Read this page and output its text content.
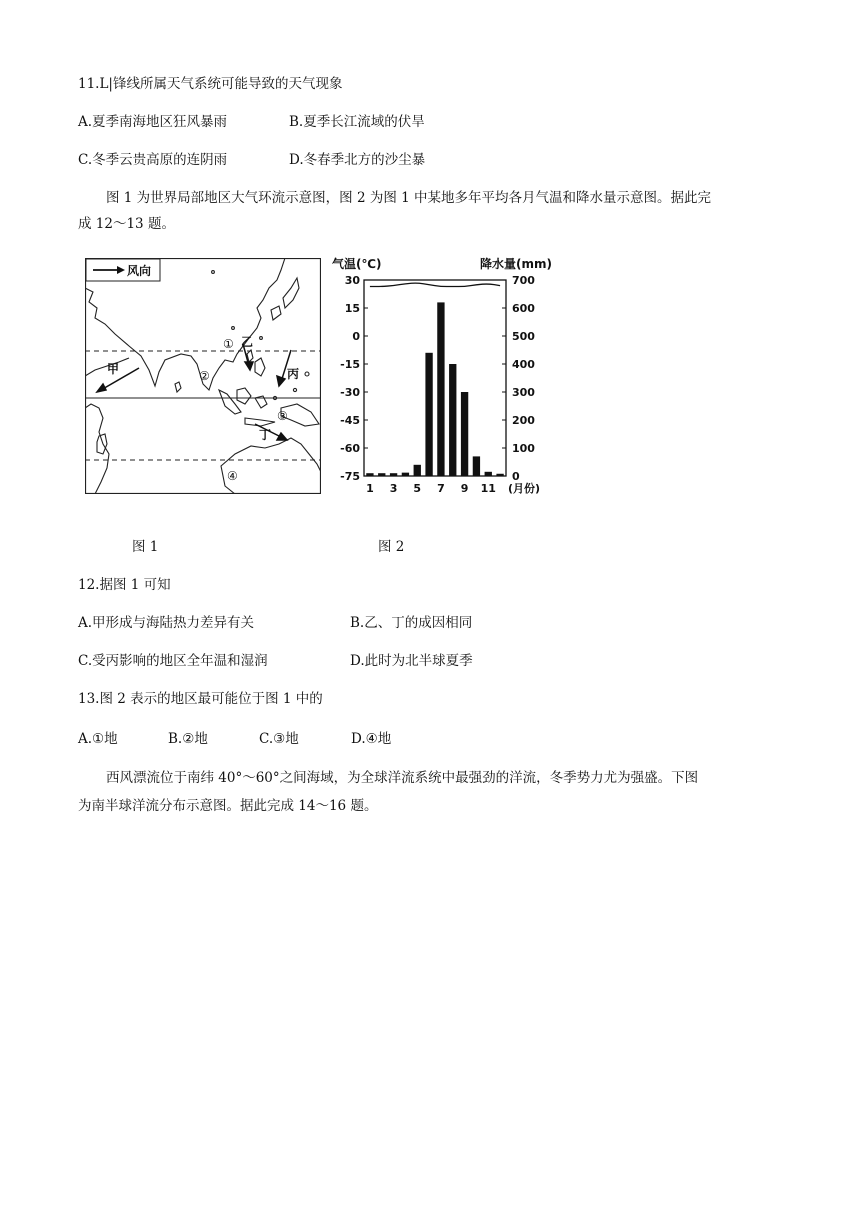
11.L|锋线所属天气系统可能导致的天气现象
A.夏季南海地区狂风暴雨	B.夏季长江流域的伏旱
C.冬季云贵高原的连阴雨	D.冬春季北方的沙尘暴
图 1 为世界局部地区大气环流示意图，图 2 为图 1 中某地多年平均各月气温和降水量示意图。据此完
成 12～13 题。
风向
甲
乙
丙
丁
①
②
③
④
气温(℃)	降水量(mm)
30
15
0
-15
-30
-45
-60
-75
700
600
500
400
300
200
100
0
1 3 5 7 9 11 (月份)
图 1	图 2
12.据图 1 可知
A.甲形成与海陆热力差异有关	B.乙、丁的成因相同
C.受丙影响的地区全年温和湿润	D.此时为北半球夏季
13.图 2 表示的地区最可能位于图 1 中的
A.①地	B.②地	C.③地	D.④地
西风漂流位于南纬 40°～60°之间海域，为全球洋流系统中最强劲的洋流，冬季势力尤为强盛。下图
为南半球洋流分布示意图。据此完成 14～16 题。
